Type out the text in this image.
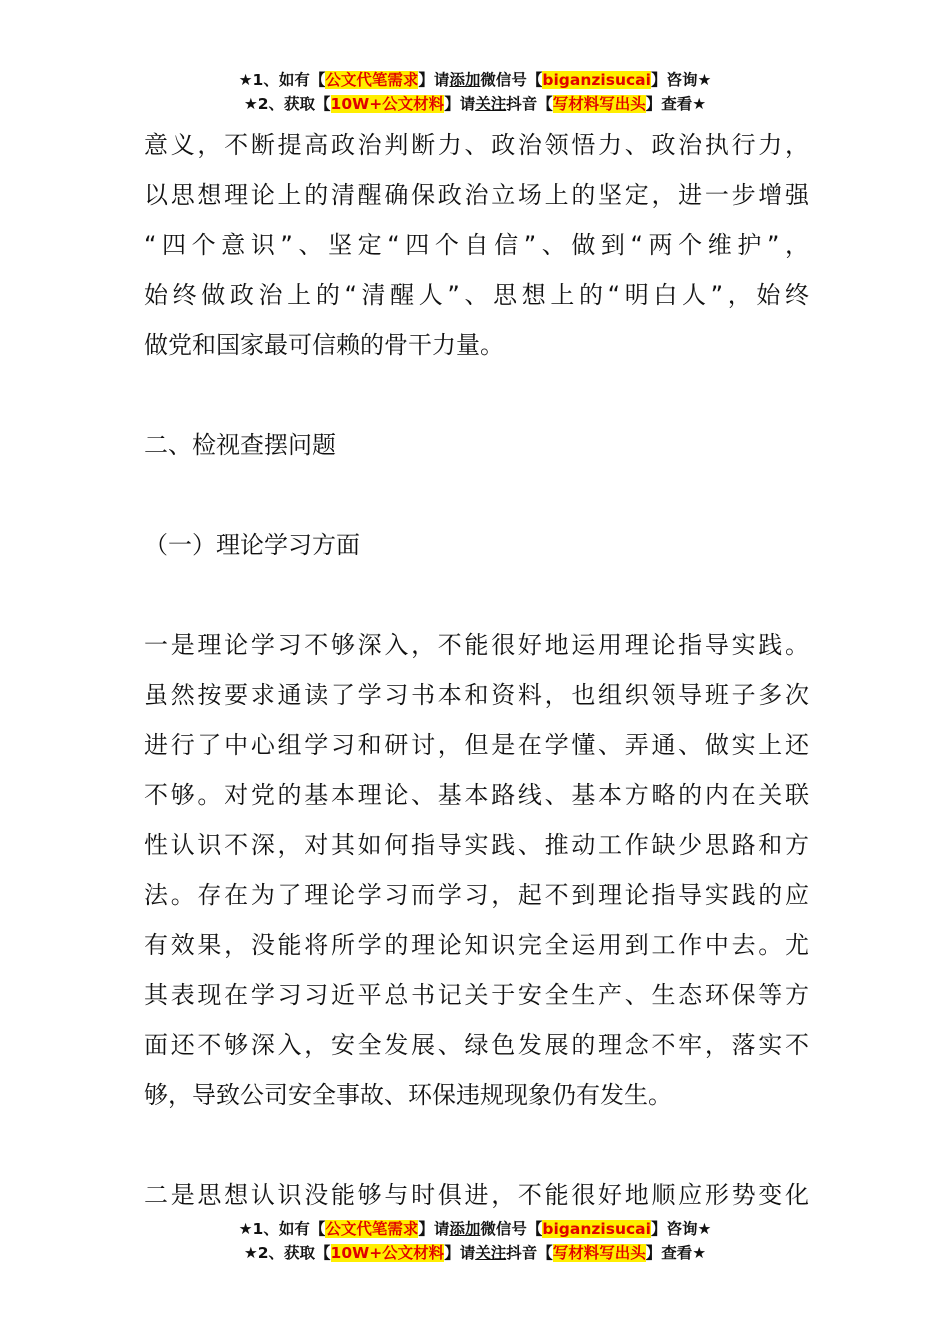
★1、如有【公文代笔需求】请添加微信号【biganzisucai】咨询★
★2、获取【10W+公文材料】请关注抖音【写材料写出头】查看★
意义，不断提高政治判断力、政治领悟力、政治执行力，
以思想理论上的清醒确保政治立场上的坚定，进一步增强
“四个意识”、坚定“四个自信”、做到“两个维护”，
始终做政治上的“清醒人”、思想上的“明白人”，始终
做党和国家最可信赖的骨干力量。
二、检视查摆问题
（一）理论学习方面
一是理论学习不够深入，不能很好地运用理论指导实践。
虽然按要求通读了学习书本和资料，也组织领导班子多次
进行了中心组学习和研讨，但是在学懂、弄通、做实上还
不够。对党的基本理论、基本路线、基本方略的内在关联
性认识不深，对其如何指导实践、推动工作缺少思路和方
法。存在为了理论学习而学习，起不到理论指导实践的应
有效果，没能将所学的理论知识完全运用到工作中去。尤
其表现在学习习近平总书记关于安全生产、生态环保等方
面还不够深入，安全发展、绿色发展的理念不牢，落实不
够，导致公司安全事故、环保违规现象仍有发生。
二是思想认识没能够与时俱进，不能很好地顺应形势变化
★1、如有【公文代笔需求】请添加微信号【biganzisucai】咨询★
★2、获取【10W+公文材料】请关注抖音【写材料写出头】查看★
